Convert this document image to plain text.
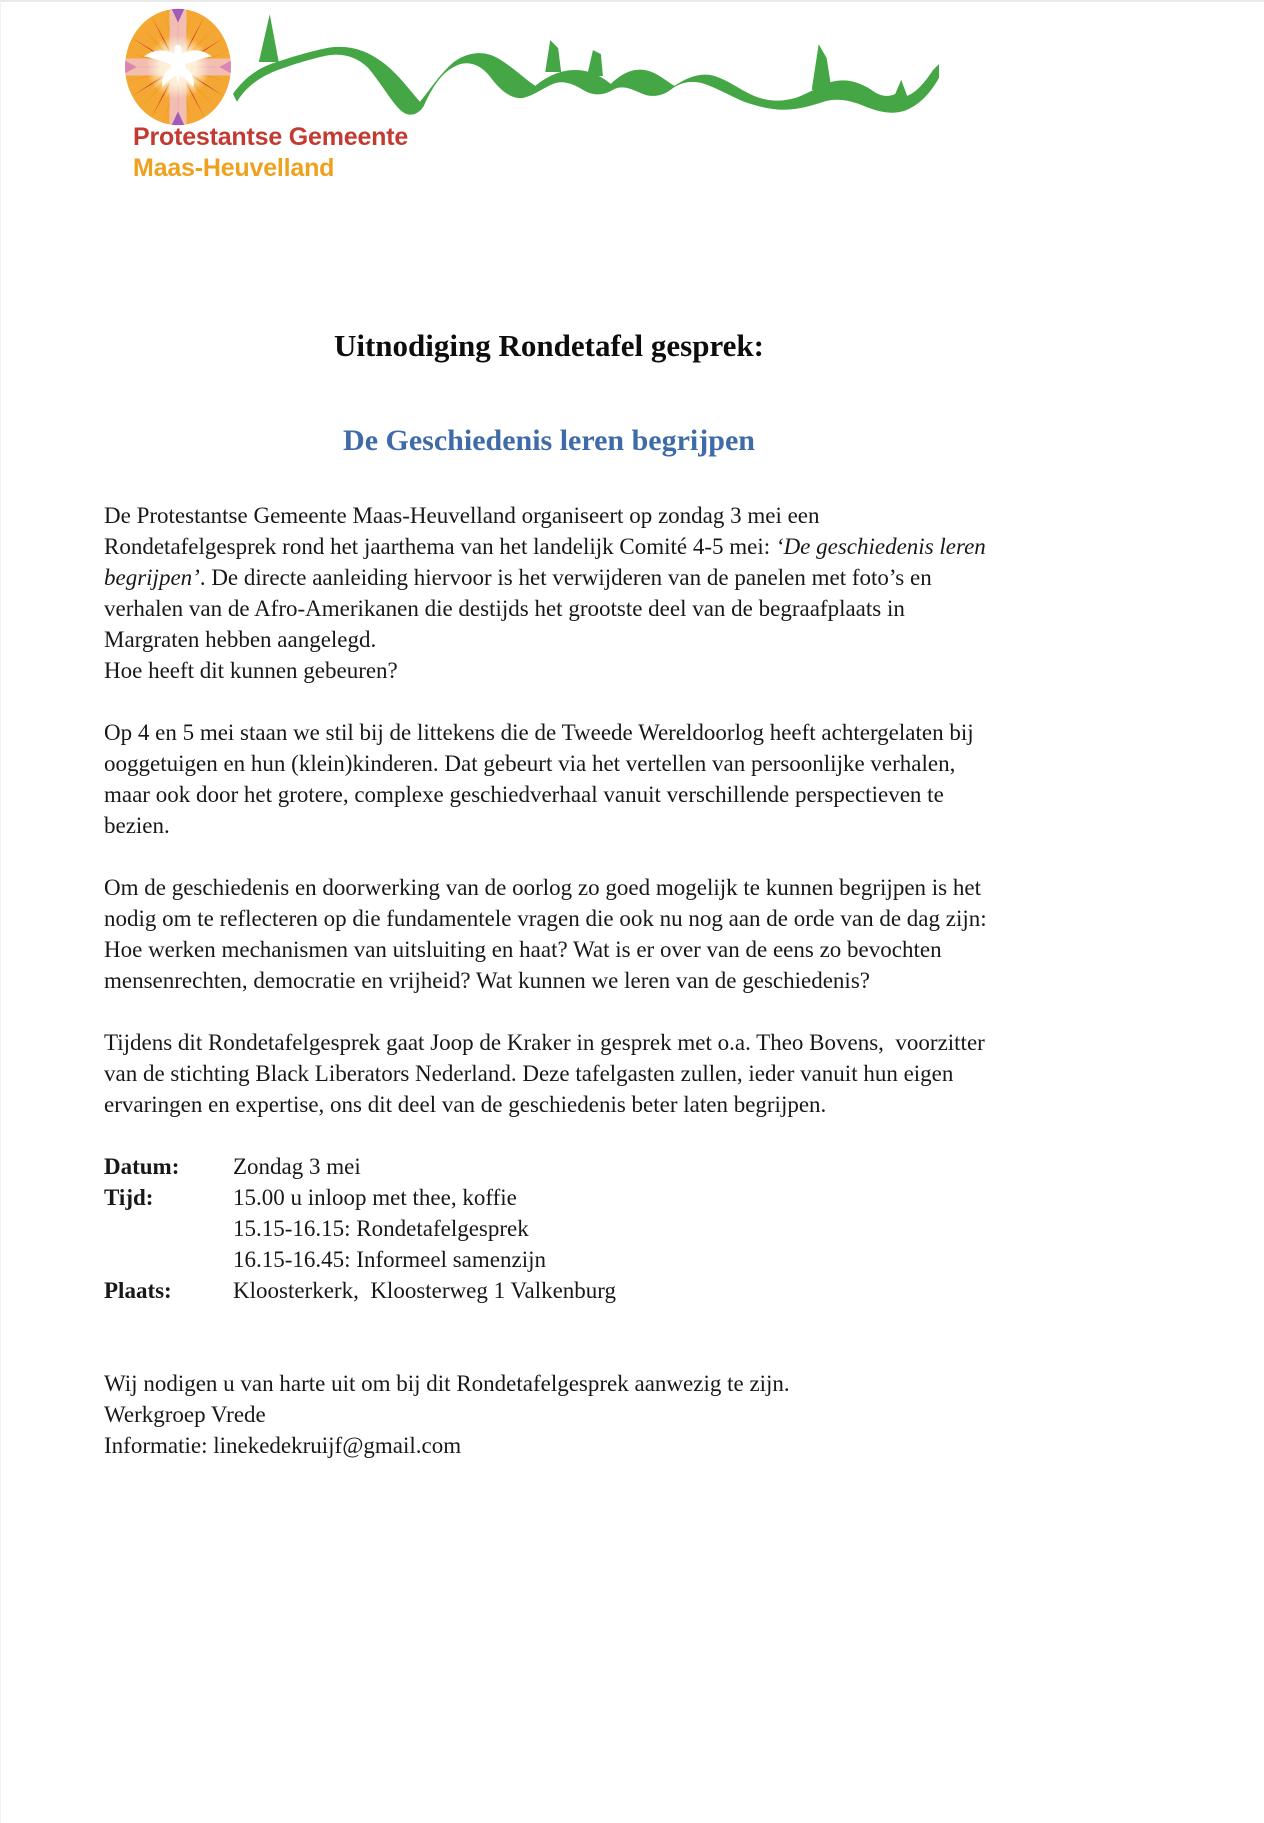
Protestantse Gemeente
Maas-Heuvelland
Uitnodiging Rondetafel gesprek:
De Geschiedenis leren begrijpen

De Protestantse Gemeente Maas-Heuvelland organiseert op zondag 3 mei een Rondetafelgesprek rond het jaarthema van het landelijk Comité 4-5 mei: ‘De geschiedenis leren begrijpen’. De directe aanleiding hiervoor is het verwijderen van de panelen met foto’s en verhalen van de Afro-Amerikanen die destijds het grootste deel van de begraafplaats in Margraten hebben aangelegd.

Hoe heeft dit kunnen gebeuren?

Op 4 en 5 mei staan we stil bij de littekens die de Tweede Wereldoorlog heeft achtergelaten bij ooggetuigen en hun (klein)kinderen. Dat gebeurt via het vertellen van persoonlijke verhalen, maar ook door het grotere, complexe geschiedverhaal vanuit verschillende perspectieven te bezien.

Om de geschiedenis en doorwerking van de oorlog zo goed mogelijk te kunnen begrijpen is het nodig om te reflecteren op die fundamentele vragen die ook nu nog aan de orde van de dag zijn: Hoe werken mechanismen van uitsluiting en haat? Wat is er over van de eens zo bevochten mensenrechten, democratie en vrijheid? Wat kunnen we leren van de geschiedenis?

Tijdens dit Rondetafelgesprek gaat Joop de Kraker in gesprek met o.a. Theo Bovens,  voorzitter van de stichting Black Liberators Nederland. Deze tafelgasten zullen, ieder vanuit hun eigen ervaringen en expertise, ons dit deel van de geschiedenis beter laten begrijpen.

Datum:	Zondag 3 mei
Tijd:	15.00 u inloop met thee, koffie
15.15-16.15: Rondetafelgesprek
16.15-16.45: Informeel samenzijn
Plaats:	Kloosterkerk,  Kloosterweg 1 Valkenburg
Wij nodigen u van harte uit om bij dit Rondetafelgesprek aanwezig te zijn.
Werkgroep Vrede
Informatie: linekedekruijf@gmail.com
